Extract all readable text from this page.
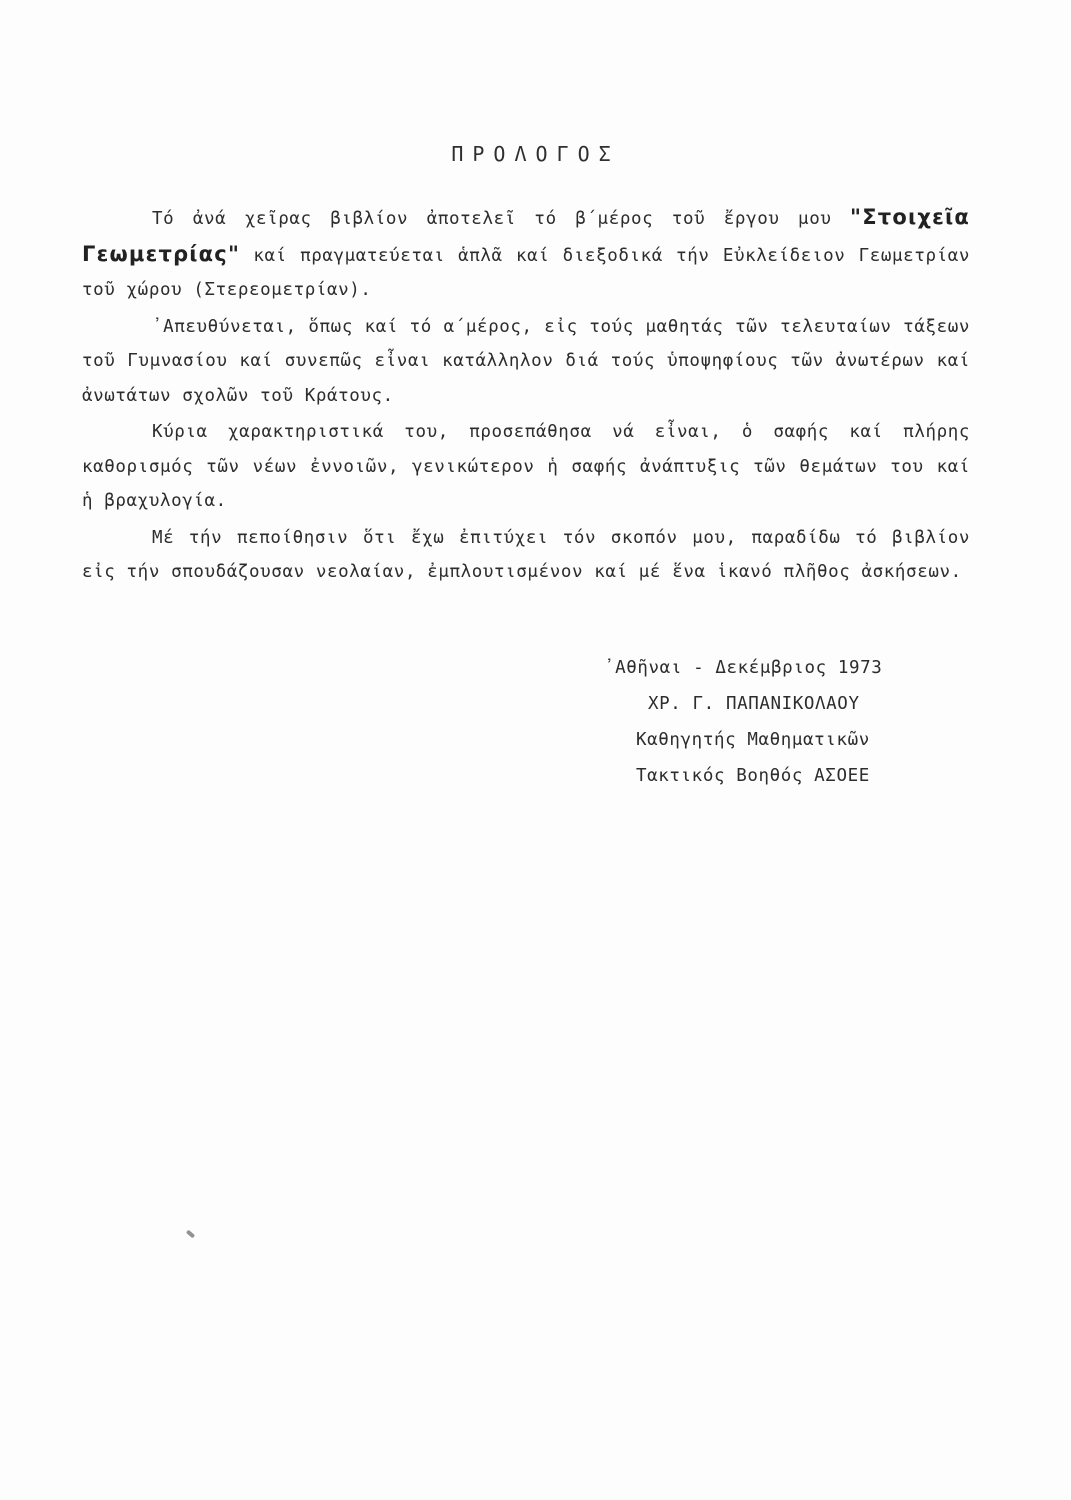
ΠΡΟΛΟΓΟΣ

Τό ἀνά χεῖρας βιβλίον ἀποτελεῖ τό β΄μέρος τοῦ ἔργου μου "Στοιχεῖα Γεωμετρίας" καί πραγματεύεται ἁπλᾶ καί διεξοδικά τήν Εὐκλείδειον Γεωμετρίαν τοῦ χώρου (Στερεομετρίαν).

᾿Απευθύνεται, ὅπως καί τό α΄μέρος, εἰς τούς μαθητάς τῶν τελευταίων τάξεων τοῦ Γυμνασίου καί συνεπῶς εἶναι κατάλληλον διά τούς ὑποψηφίους τῶν ἀνωτέρων καί ἀνωτάτων σχολῶν τοῦ Κράτους.

Κύρια χαρακτηριστικά του, προσεπάθησα νά εἶναι, ὁ σαφής καί πλήρης καθορισμός τῶν νέων ἐννοιῶν, γενικώτερον ἡ σαφής ἀνάπτυξις τῶν θεμάτων του καί ἡ βραχυλογία.

Μέ τήν πεποίθησιν ὅτι ἔχω ἐπιτύχει τόν σκοπόν μου, παραδίδω τό βιβλίον εἰς τήν σπουδάζουσαν νεολαίαν, ἐμπλουτισμένον καί μέ ἕνα ἱκανό πλῆθος ἀσκήσεων.

᾿Αθῆναι - Δεκέμβριος 1973
ΧΡ. Γ. ΠΑΠΑΝΙΚΟΛΑΟΥ
Καθηγητής Μαθηματικῶν
Τακτικός Βοηθός ΑΣΟΕΕ
